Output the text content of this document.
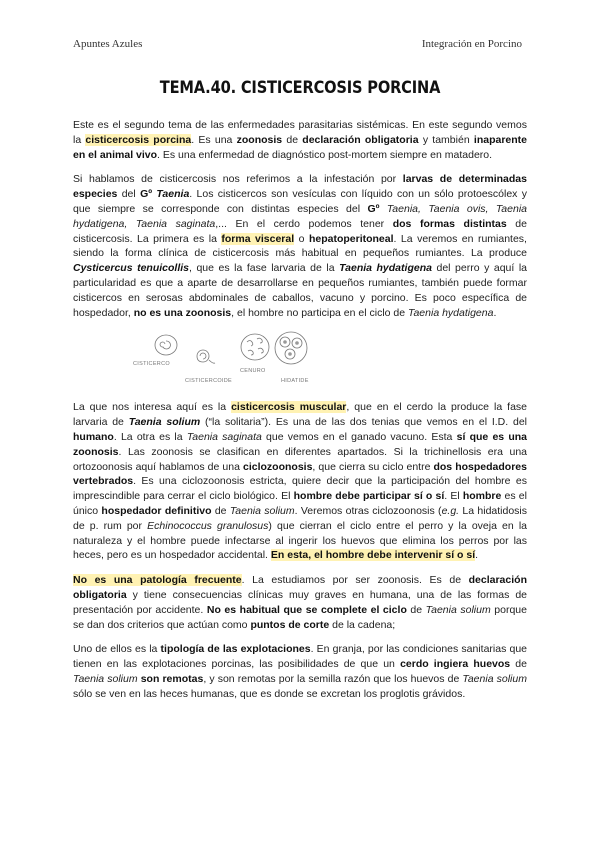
Apuntes Azules	Integración en Porcino
TEMA.40. CISTICERCOSIS PORCINA

Este es el segundo tema de las enfermedades parasitarias sistémicas. En este segundo vemos la cisticercosis porcina. Es una zoonosis de declaración obligatoria y también inaparente en el animal vivo. Es una enfermedad de diagnóstico post-mortem siempre en matadero.

Si hablamos de cisticercosis nos referimos a la infestación por larvas de determinadas especies del Gº Taenia. Los cisticercos son vesículas con líquido con un sólo protoescólex y que siempre se corresponde con distintas especies del Gº Taenia, Taenia ovis, Taenia hydatigena, Taenia saginata,... En el cerdo podemos tener dos formas distintas de cisticercosis. La primera es la forma visceral o hepatoperitoneal. La veremos en rumiantes, siendo la forma clínica de cisticercosis más habitual en pequeños rumiantes. La produce Cysticercus tenuicollis, que es la fase larvaria de la Taenia hydatigena del perro y aquí la particularidad es que a aparte de desarrollarse en pequeños rumiantes, también puede formar cisticercos en serosas abdominales de caballos, vacuno y porcino. Es poco específica de hospedador, no es una zoonosis, el hombre no participa en el ciclo de Taenia hydatigena.

CISTICERCO
CISTICERCOIDE
CENURO
HIDATIDE

La que nos interesa aquí es la cisticercosis muscular, que en el cerdo la produce la fase larvaria de Taenia solium (“la solitaria”). Es una de las dos tenias que vemos en el I.D. del humano. La otra es la Taenia saginata que vemos en el ganado vacuno. Esta sí que es una zoonosis. Las zoonosis se clasifican en diferentes apartados. Si la trichinellosis era una ortozoonosis aquí hablamos de una ciclozoonosis, que cierra su ciclo entre dos hospedadores vertebrados. Es una ciclozoonosis estricta, quiere decir que la participación del hombre es imprescindible para cerrar el ciclo biológico. El hombre debe participar sí o sí. El hombre es el único hospedador definitivo de Taenia solium. Veremos otras ciclozoonosis (e.g. La hidatidosis de p. rum por Echinococcus granulosus) que cierran el ciclo entre el perro y la oveja en la naturaleza y el hombre puede infectarse al ingerir los huevos que elimina los perros por las heces, pero es un hospedador accidental. En esta, el hombre debe intervenir sí o sí.

No es una patología frecuente. La estudiamos por ser zoonosis. Es de declaración obligatoria y tiene consecuencias clínicas muy graves en humana, una de las formas de presentación por accidente. No es habitual que se complete el ciclo de Taenia solium porque se dan dos criterios que actúan como puntos de corte de la cadena;

Uno de ellos es la tipología de las explotaciones. En granja, por las condiciones sanitarias que tienen en las explotaciones porcinas, las posibilidades de que un cerdo ingiera huevos de Taenia solium son remotas, y son remotas por la semilla razón que los huevos de Taenia solium sólo se ven en las heces humanas, que es donde se excretan los proglotis grávidos.
